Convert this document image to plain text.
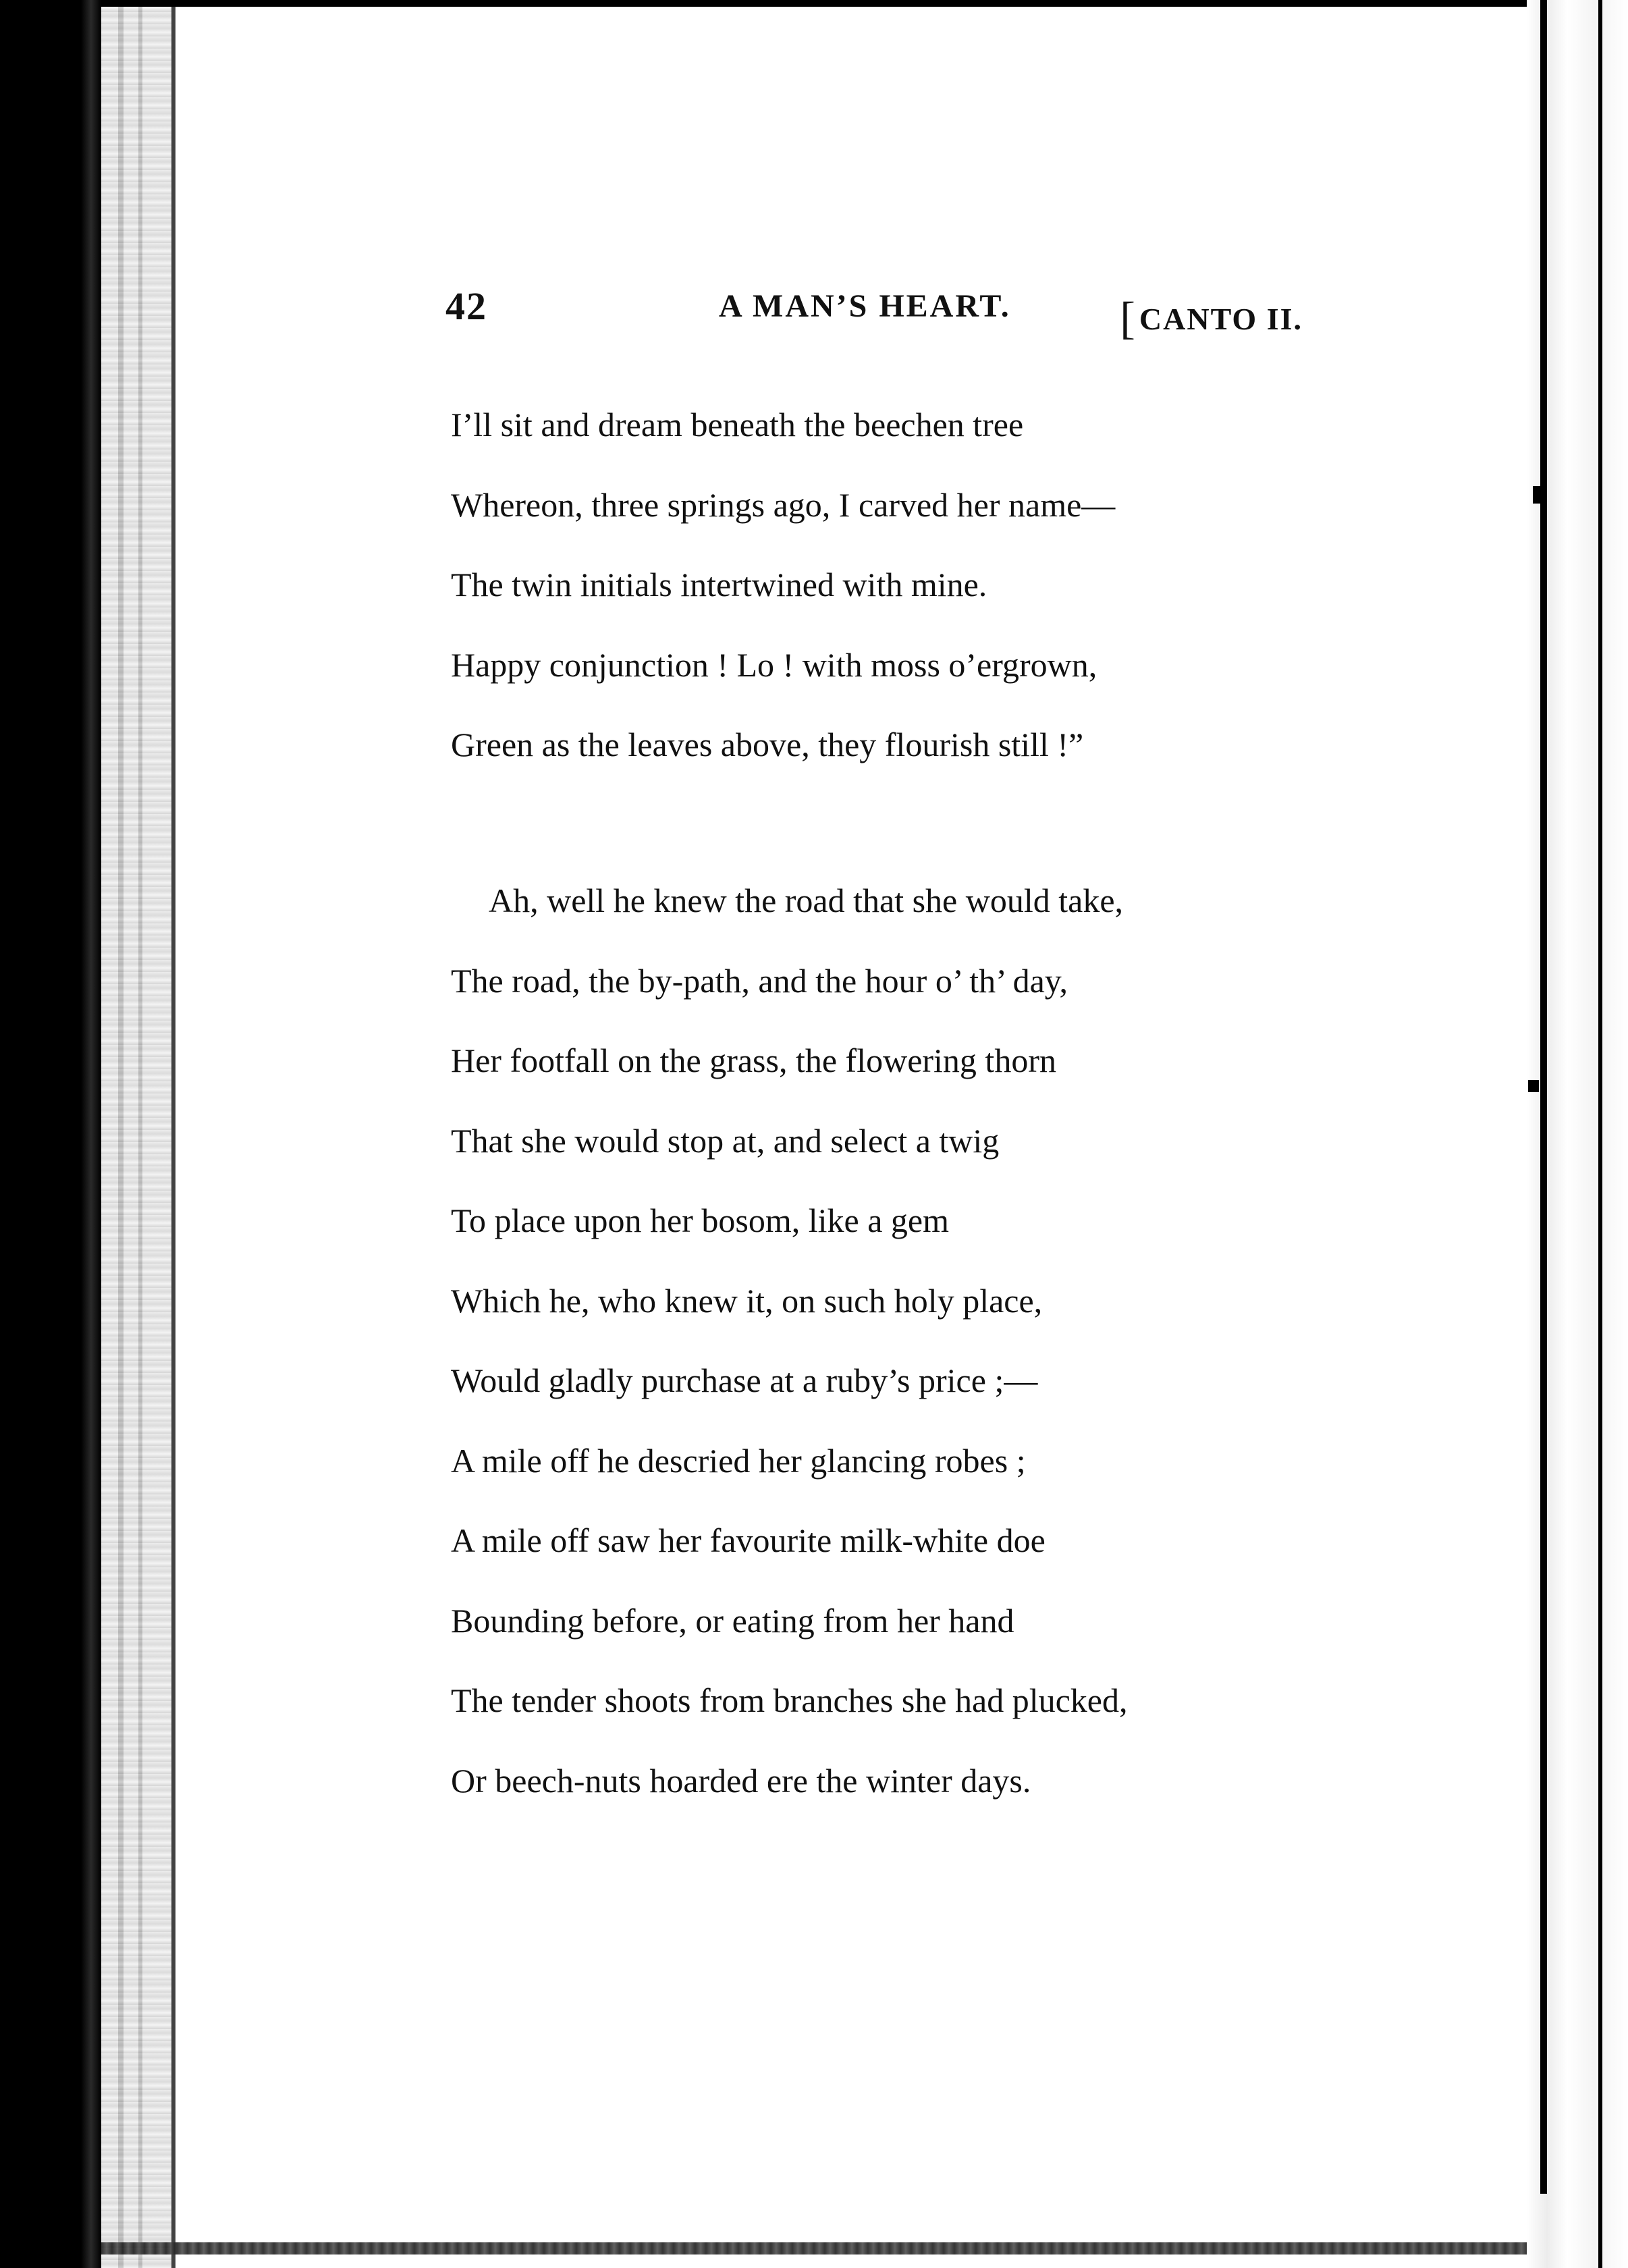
42	A MAN’S HEART. [CANTO II.
I’ll sit and dream beneath the beechen tree
Whereon, three springs ago, I carved her name—
The twin initials intertwined with mine.
Happy conjunction ! Lo ! with moss o’ergrown,
Green as the leaves above, they flourish still !”
Ah, well he knew the road that she would take,
The road, the by-path, and the hour o’ th’ day,
Her footfall on the grass, the flowering thorn
That she would stop at, and select a twig
To place upon her bosom, like a gem
Which he, who knew it, on such holy place,
Would gladly purchase at a ruby’s price ;—
A mile off he descried her glancing robes ;
A mile off saw her favourite milk-white doe
Bounding before, or eating from her hand
The tender shoots from branches she had plucked,
Or beech-nuts hoarded ere the winter days.
